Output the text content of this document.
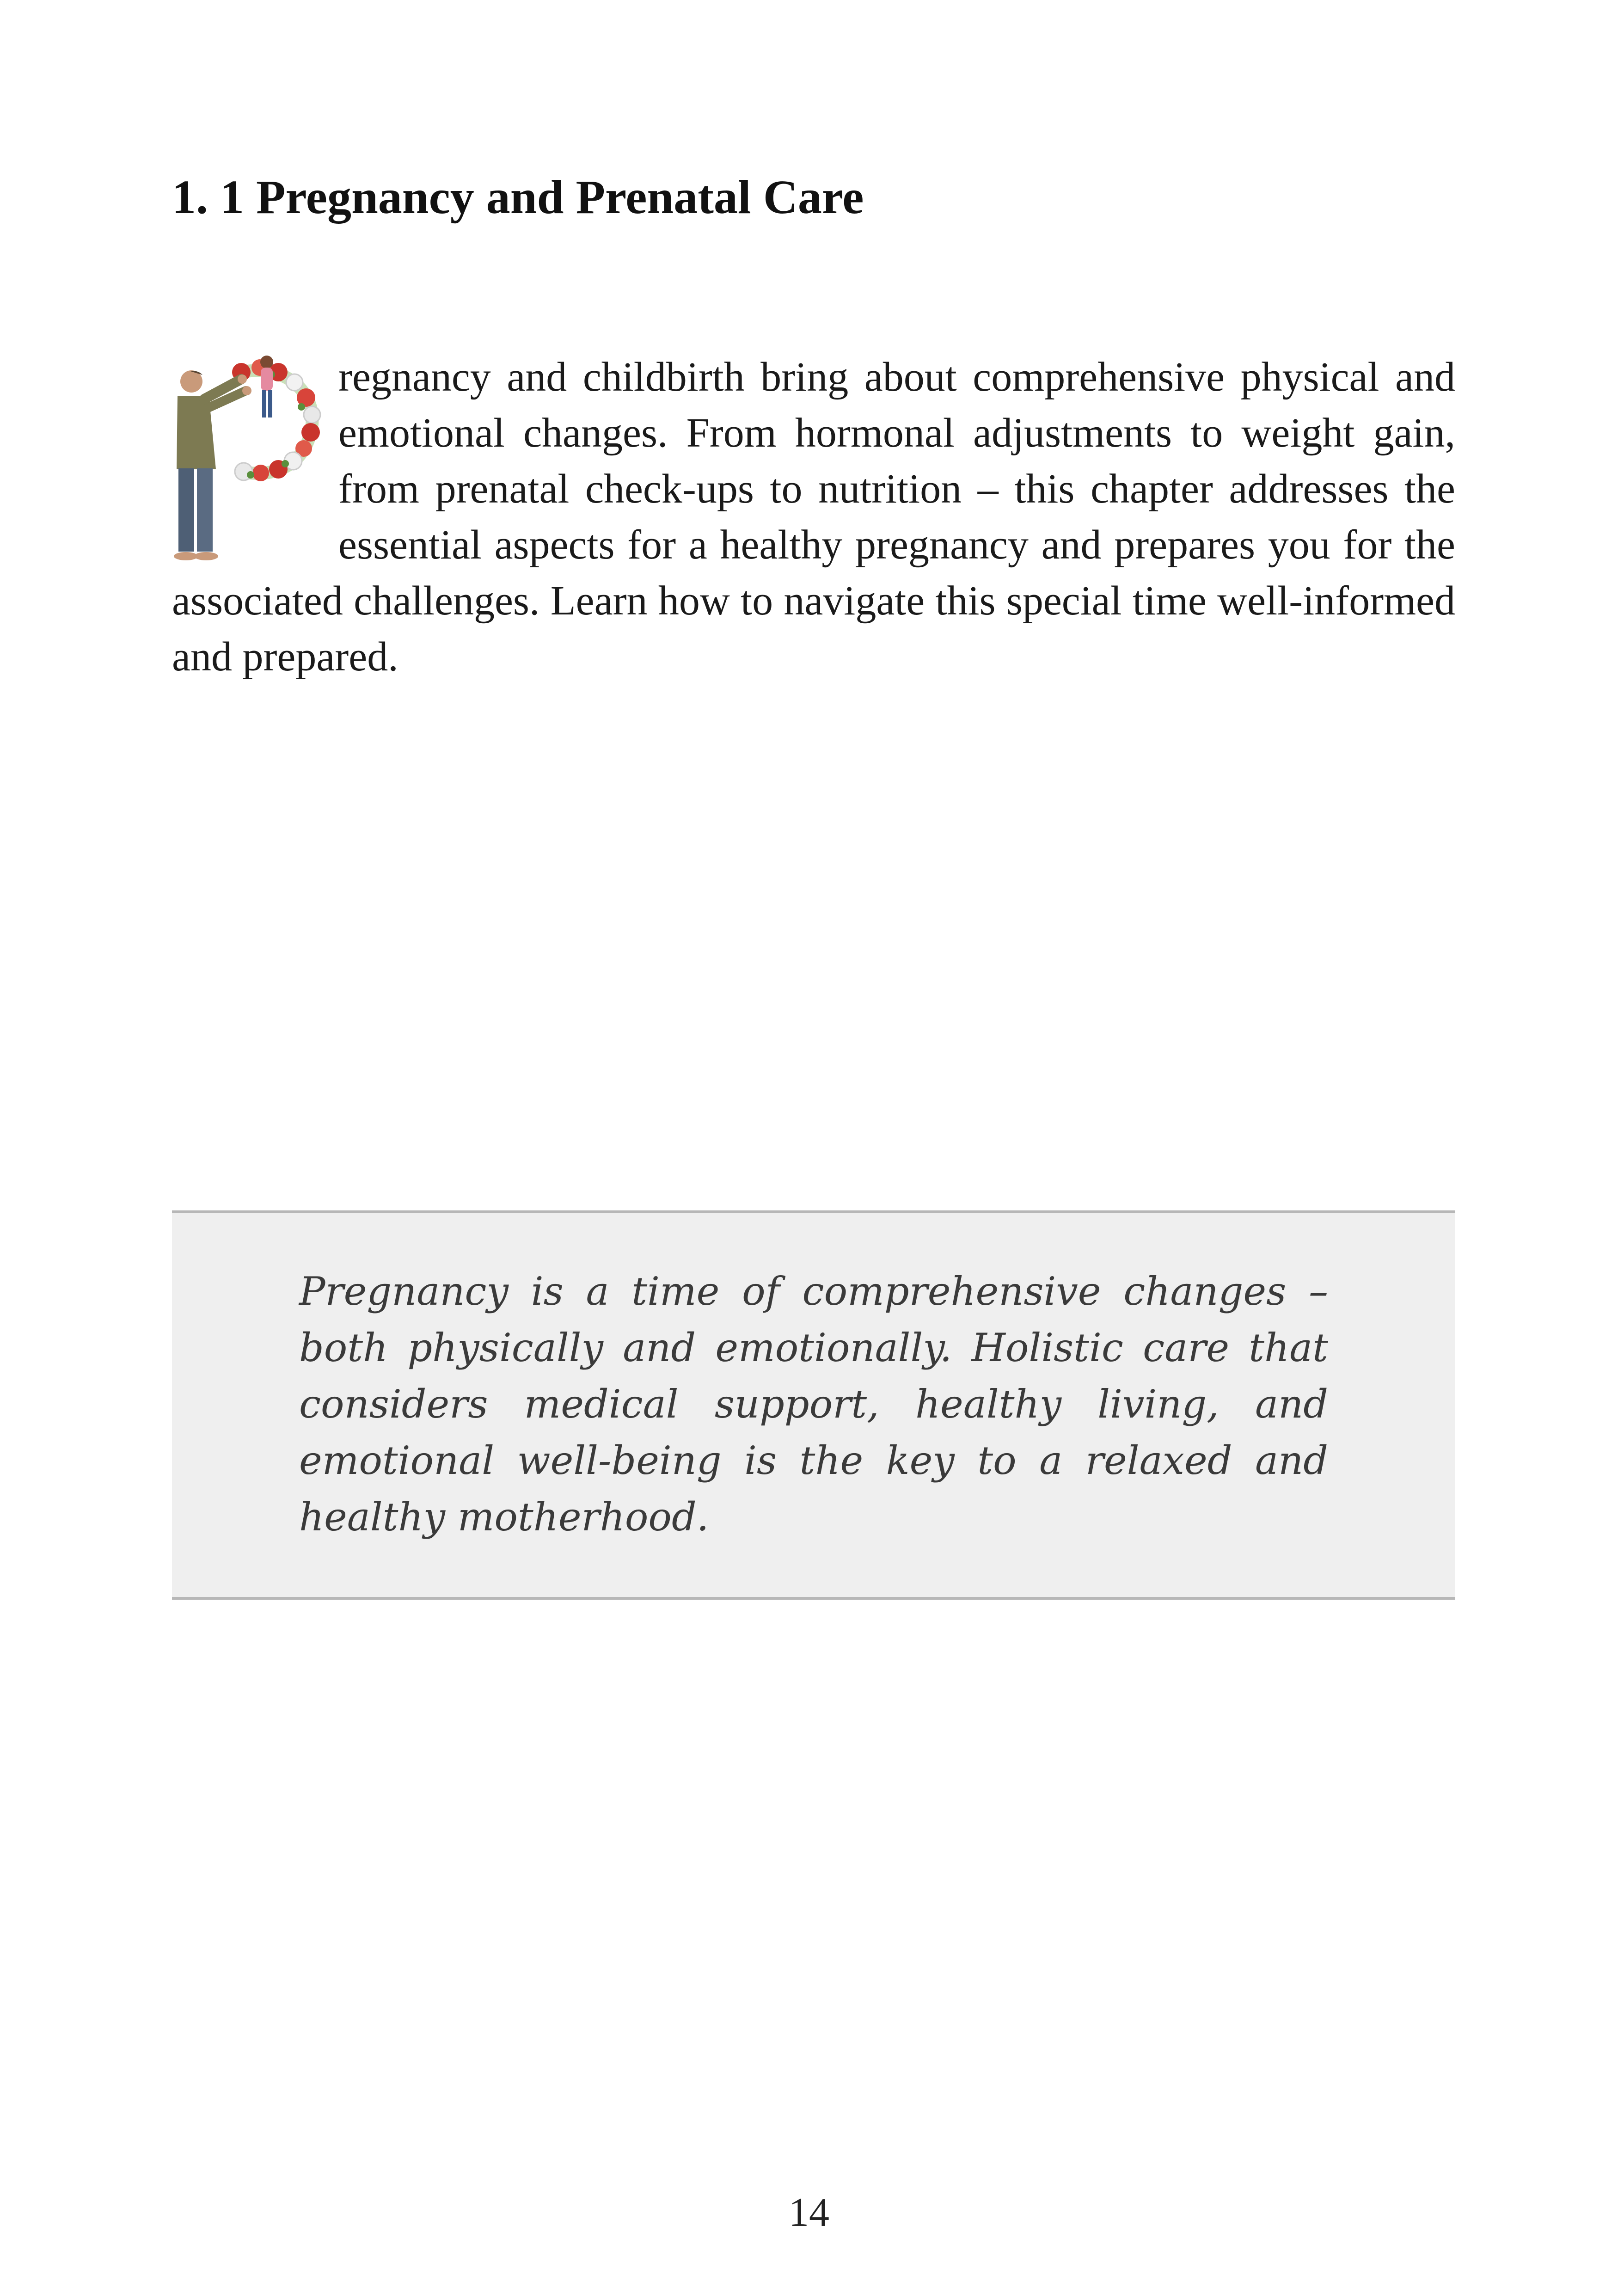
1. 1 Pregnancy and Prenatal Care

regnancy and childbirth bring about comprehensive physical and emotional changes. From hormonal adjustments to weight gain, from prenatal check-ups to nutrition – this chapter addresses the essential aspects for a healthy pregnancy and prepares you for the associated challenges. Learn how to navigate this special time well-informed and prepared.

Pregnancy is a time of comprehensive changes – both physically and emotionally. Holistic care that considers medical support, healthy living, and emotional well-being is the key to a relaxed and healthy motherhood.

14
